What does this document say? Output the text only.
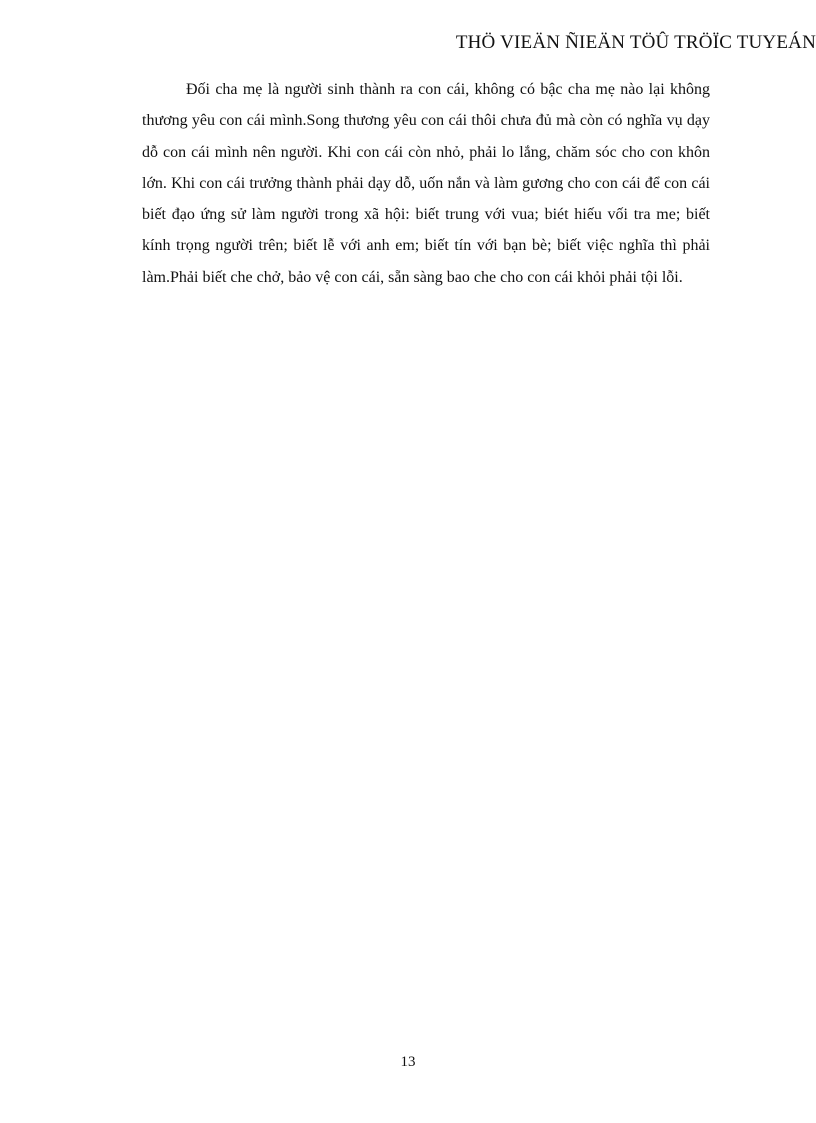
THÖ VIEÄN ÑIEÄN TÖÛ TRÖÏC TUYEÁN

Đối cha mẹ là người sinh thành ra con cái, không có bậc cha mẹ nào lại không thương yêu con cái mình.Song thương yêu con cái thôi chưa đủ mà còn có nghĩa vụ dạy dỗ con cái mình nên người. Khi con cái còn nhỏ, phải lo lắng, chăm sóc cho con khôn lớn. Khi con cái trưởng thành phải dạy dỗ, uốn nắn và làm gương cho con cái để con cái biết đạo ứng sử làm người trong xã hội: biết trung với vua; biét hiếu vối tra me; biết kính trọng người trên; biết lễ với anh em; biết tín với bạn bè; biết việc nghĩa thì phải làm.Phải biết che chở, bảo vệ con cái, sẵn sàng bao che cho con cái khỏi phải tội lỗi.

13
